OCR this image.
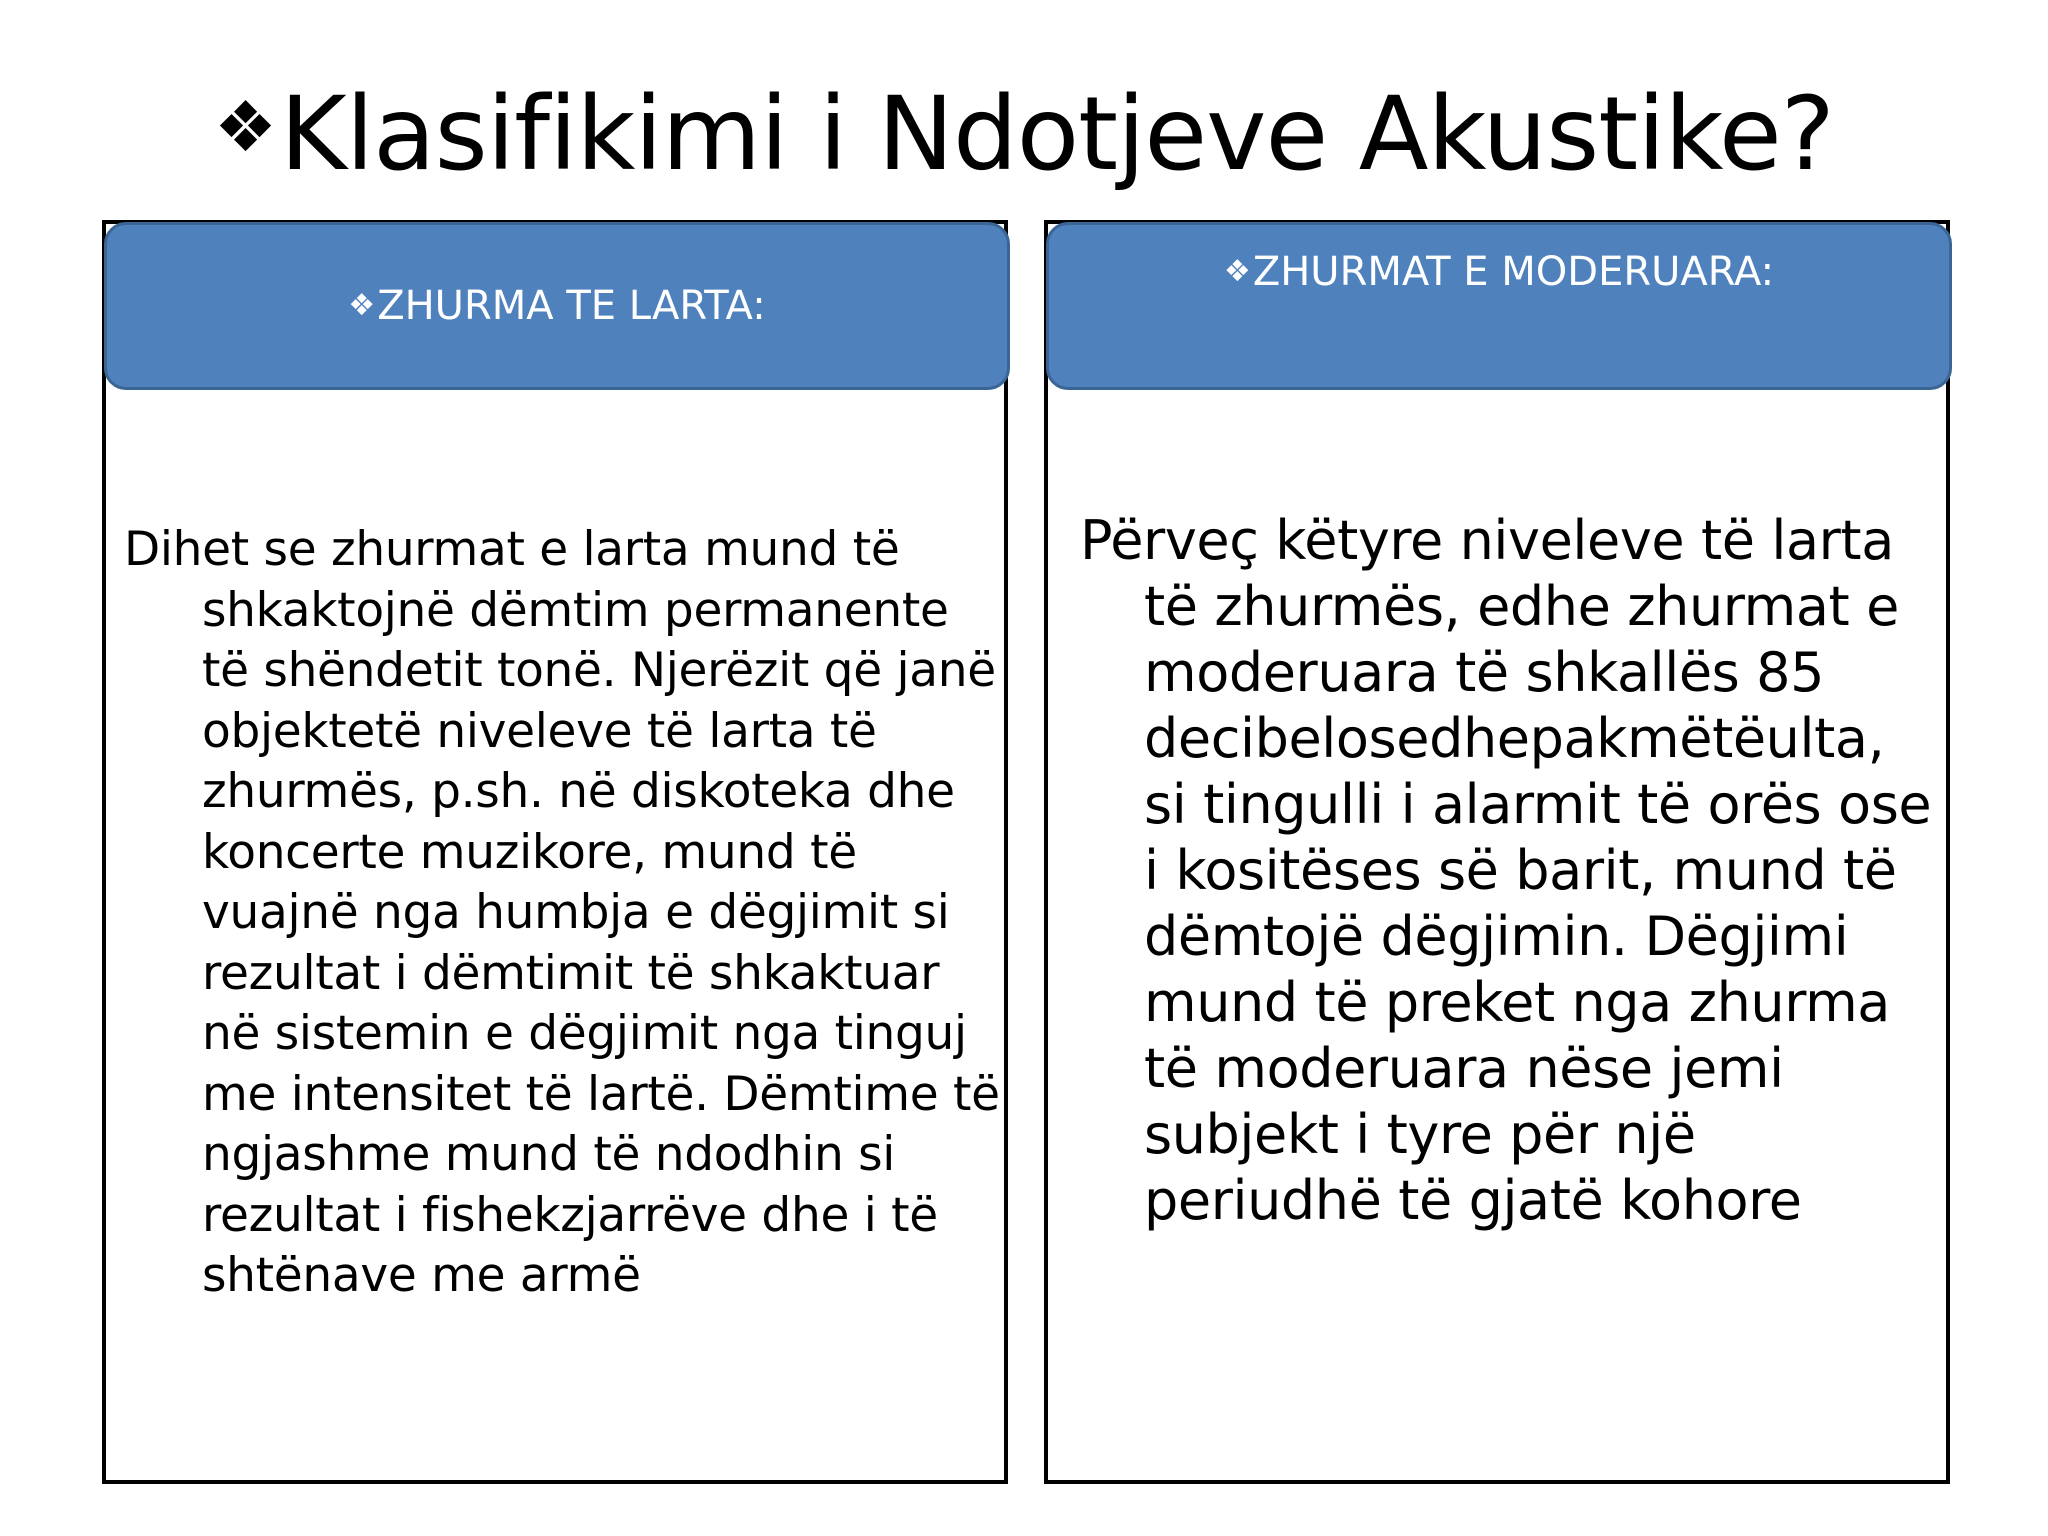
❖Klasifikimi i Ndotjeve Akustike?
❖ZHURMA TE LARTA:
Dihet se zhurmat e larta mund të shkaktojnë dëmtim permanente të shëndetit tonë. Njerëzit që janë objektetë niveleve të larta të zhurmës, p.sh. në diskoteka dhe koncerte muzikore, mund të vuajnë nga humbja e dëgjimit si rezultat i dëmtimit të shkaktuar në sistemin e dëgjimit nga tinguj me intensitet të lartë. Dëmtime të ngjashme mund të ndodhin si rezultat i fishekzjarrëve dhe i të shtënave me armë
❖ZHURMAT E MODERUARA:
Përveç këtyre niveleve të larta të zhurmës, edhe zhurmat e moderuara të shkallës 85 decibelosedhepakmëtëulta, si tingulli i alarmit të orës ose i kositëses së barit, mund të dëmtojë dëgjimin. Dëgjimi mund të preket nga zhurma të moderuara nëse jemi subjekt i tyre për një periudhë të gjatë kohore
